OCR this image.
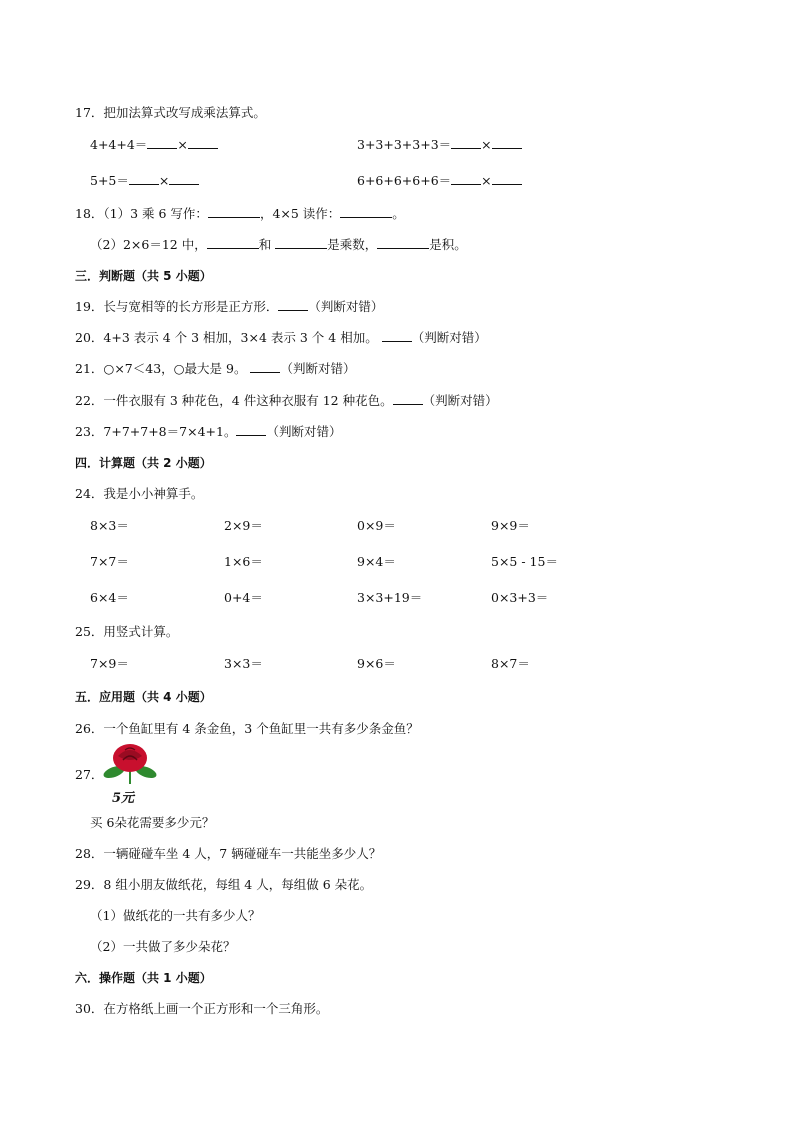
17．把加法算式改写成乘法算式。
4+4+4＝ ×	3+3+3+3+3＝ ×
5+5＝ ×	6+6+6+6+6＝ ×
18．（1）3 乘 6 写作：	，4×5 读作：	。
（2）2×6＝12 中，	和	是乘数，	是积。
三．判断题（共 5 小题）
19．长与宽相等的长方形是正方形． （判断对错）
20．4+3 表示 4 个 3 相加，3×4 表示 3 个 4 相加。 （判断对错）
21．○×7＜43，○最大是 9。 （判断对错）
22．一件衣服有 3 种花色，4 件这种衣服有 12 种花色。 （判断对错）
23．7+7+7+8＝7×4+1。 （判断对错）
四．计算题（共 2 小题）
24．我是小小神算手。
8×3＝	2×9＝	0×9＝	9×9＝
7×7＝	1×6＝	9×4＝	5×5 - 15＝
6×4＝	0+4＝	3×3+19＝	0×3+3＝
25．用竖式计算。
7×9＝	3×3＝	9×6＝	8×7＝
五．应用题（共 4 小题）
26．一个鱼缸里有 4 条金鱼，3 个鱼缸里一共有多少条金鱼？
27．
5元
买 6朵花需要多少元？
28．一辆碰碰车坐 4 人，7 辆碰碰车一共能坐多少人？
29．8 组小朋友做纸花，每组 4 人，每组做 6 朵花。
（1）做纸花的一共有多少人？
（2）一共做了多少朵花？
六．操作题（共 1 小题）
30．在方格纸上画一个正方形和一个三角形。
